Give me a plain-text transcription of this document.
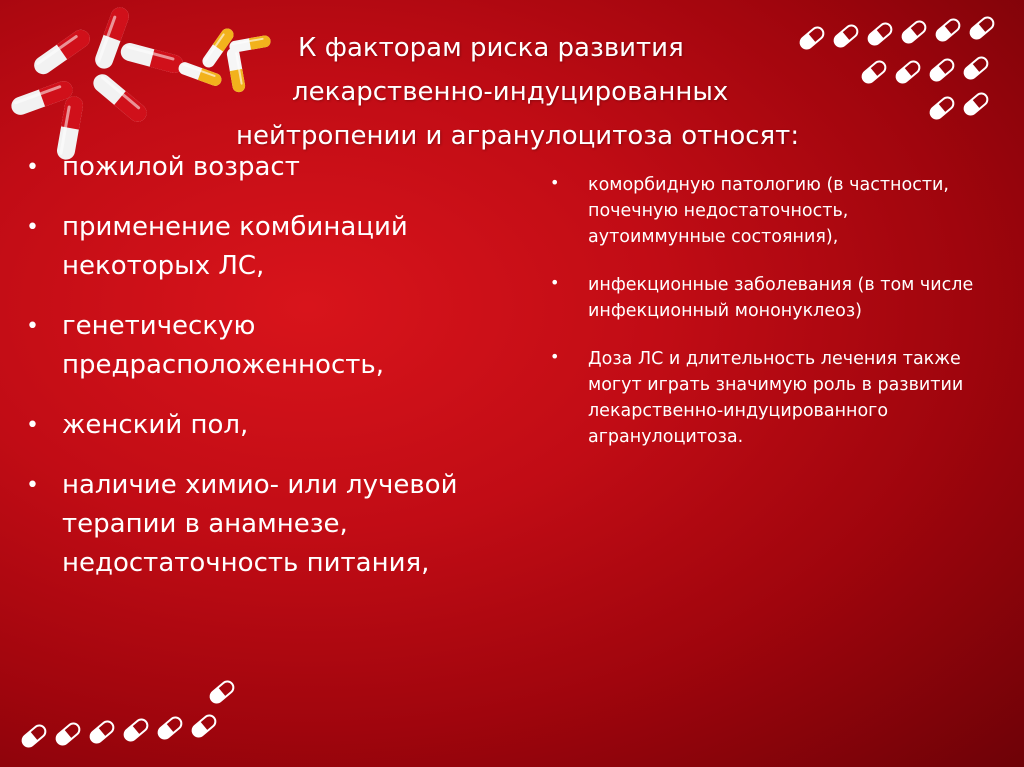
К факторам риска развития
лекарственно-индуцированных
нейтропении и агранулоцитоза относят:
• пожилой возраст
• применение комбинаций некоторых ЛС,
• генетическую предрасположенность,
• женский пол,
• наличие химио- или лучевой терапии в анамнезе, недостаточность питания,
• коморбидную патологию (в частности, почечную недостаточность, аутоиммунные состояния),
• инфекционные заболевания (в том числе инфекционный мононуклеоз)
• Доза ЛС и длительность лечения также могут играть значимую роль в развитии лекарственно-индуцированного агранулоцитоза.
